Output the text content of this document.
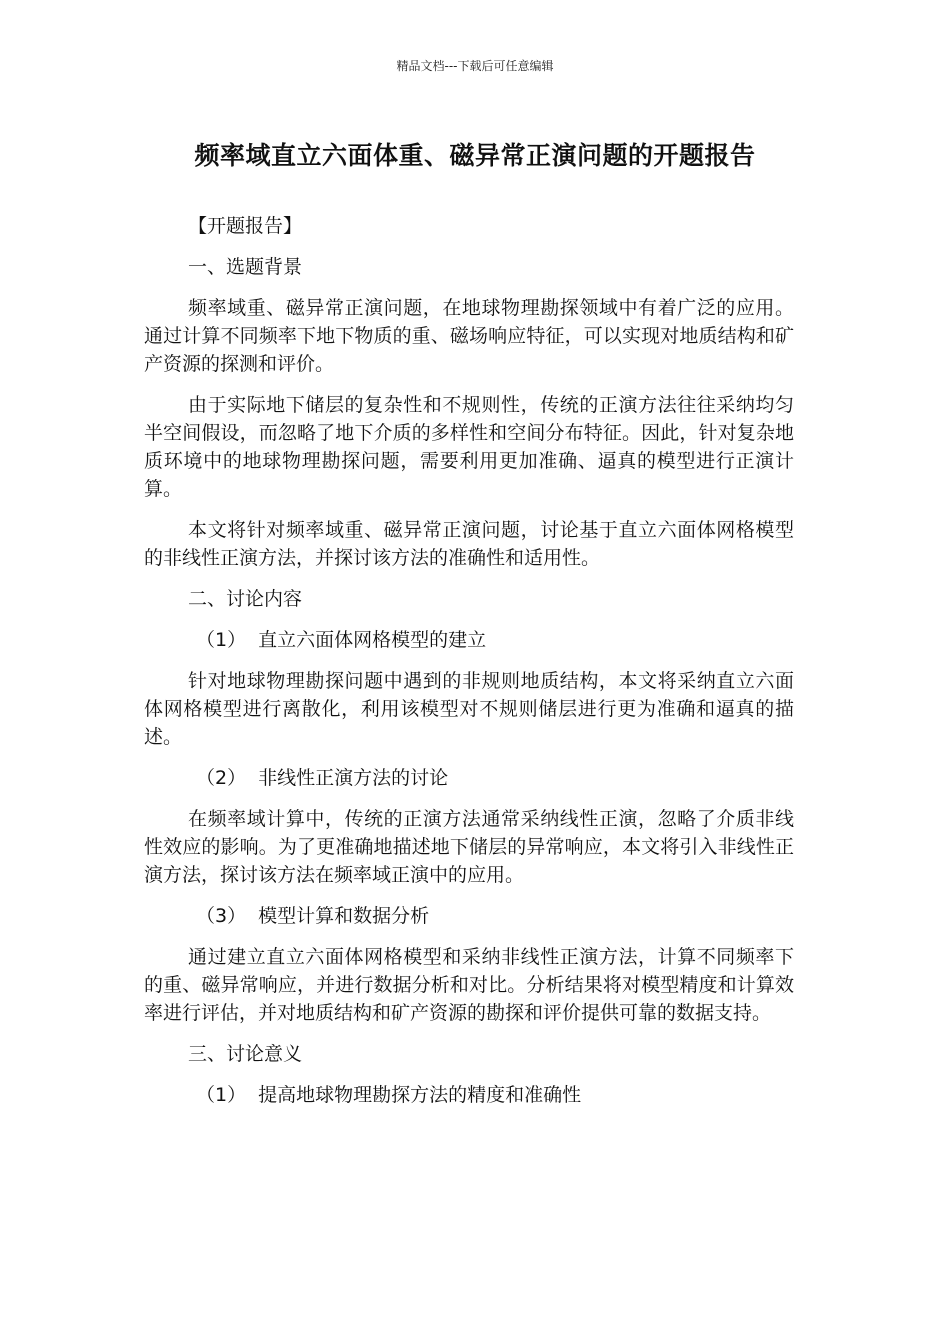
精品文档---下载后可任意编辑
频率域直立六面体重、磁异常正演问题的开题报告
【开题报告】
一、选题背景

频率域重、磁异常正演问题，在地球物理勘探领域中有着广泛的应用。通过计算不同频率下地下物质的重、磁场响应特征，可以实现对地质结构和矿产资源的探测和评价。

由于实际地下储层的复杂性和不规则性，传统的正演方法往往采纳均匀半空间假设，而忽略了地下介质的多样性和空间分布特征。因此，针对复杂地质环境中的地球物理勘探问题，需要利用更加准确、逼真的模型进行正演计算。

本文将针对频率域重、磁异常正演问题，讨论基于直立六面体网格模型的非线性正演方法，并探讨该方法的准确性和适用性。

二、讨论内容
（1） 直立六面体网格模型的建立

针对地球物理勘探问题中遇到的非规则地质结构，本文将采纳直立六面体网格模型进行离散化，利用该模型对不规则储层进行更为准确和逼真的描述。

（2） 非线性正演方法的讨论

在频率域计算中，传统的正演方法通常采纳线性正演，忽略了介质非线性效应的影响。为了更准确地描述地下储层的异常响应，本文将引入非线性正演方法，探讨该方法在频率域正演中的应用。

（3） 模型计算和数据分析

通过建立直立六面体网格模型和采纳非线性正演方法，计算不同频率下的重、磁异常响应，并进行数据分析和对比。分析结果将对模型精度和计算效率进行评估，并对地质结构和矿产资源的勘探和评价提供可靠的数据支持。

三、讨论意义
（1） 提高地球物理勘探方法的精度和准确性
